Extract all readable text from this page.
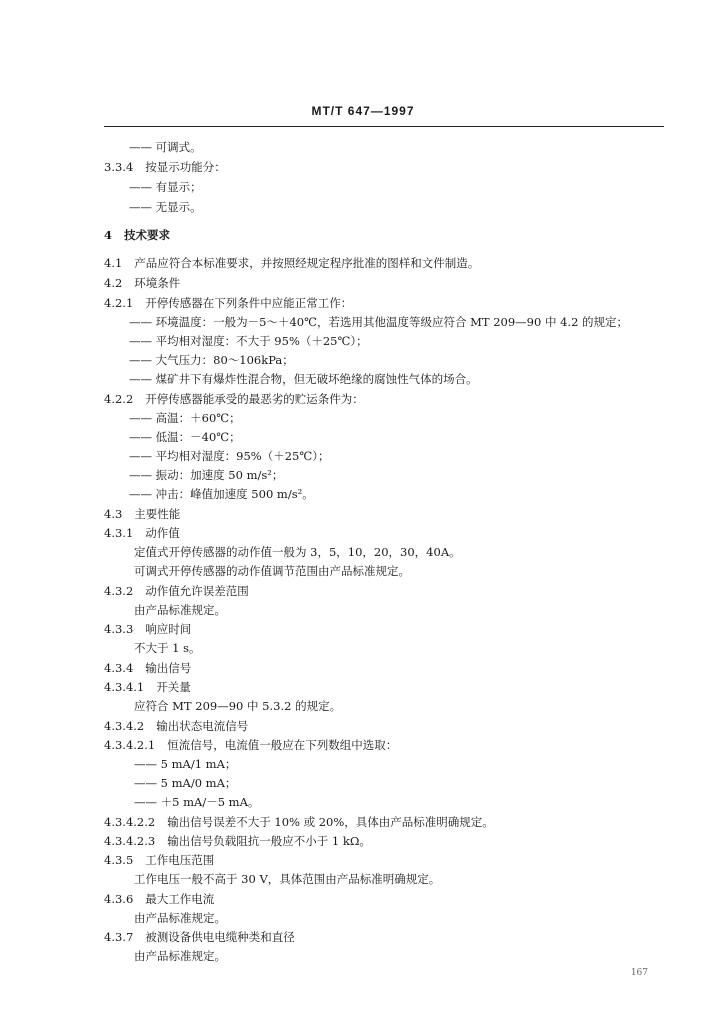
MT/T 647—1997
—— 可调式。
3.3.4 按显示功能分：
—— 有显示；
—— 无显示。
4 技术要求
4.1 产品应符合本标准要求，并按照经规定程序批准的图样和文件制造。
4.2 环境条件
4.2.1 开停传感器在下列条件中应能正常工作：
—— 环境温度：一般为－5～＋40℃，若选用其他温度等级应符合 MT 209—90 中 4.2 的规定；
—— 平均相对湿度：不大于 95%（＋25℃）；
—— 大气压力：80～106kPa；
—— 煤矿井下有爆炸性混合物，但无破坏绝缘的腐蚀性气体的场合。
4.2.2 开停传感器能承受的最恶劣的贮运条件为：
—— 高温：＋60℃；
—— 低温：－40℃；
—— 平均相对湿度：95%（＋25℃）；
—— 振动：加速度 50 m/s²；
—— 冲击：峰值加速度 500 m/s²。
4.3 主要性能
4.3.1 动作值
定值式开停传感器的动作值一般为 3，5，10，20，30，40A。
可调式开停传感器的动作值调节范围由产品标准规定。
4.3.2 动作值允许误差范围
由产品标准规定。
4.3.3 响应时间
不大于 1 s。
4.3.4 输出信号
4.3.4.1 开关量
应符合 MT 209—90 中 5.3.2 的规定。
4.3.4.2 输出状态电流信号
4.3.4.2.1 恒流信号，电流值一般应在下列数组中选取：
—— 5 mA/1 mA；
—— 5 mA/0 mA；
—— ＋5 mA/－5 mA。
4.3.4.2.2 输出信号误差不大于 10% 或 20%，具体由产品标准明确规定。
4.3.4.2.3 输出信号负载阻抗一般应不小于 1 kΩ。
4.3.5 工作电压范围
工作电压一般不高于 30 V，具体范围由产品标准明确规定。
4.3.6 最大工作电流
由产品标准规定。
4.3.7 被测设备供电电缆种类和直径
由产品标准规定。
167
